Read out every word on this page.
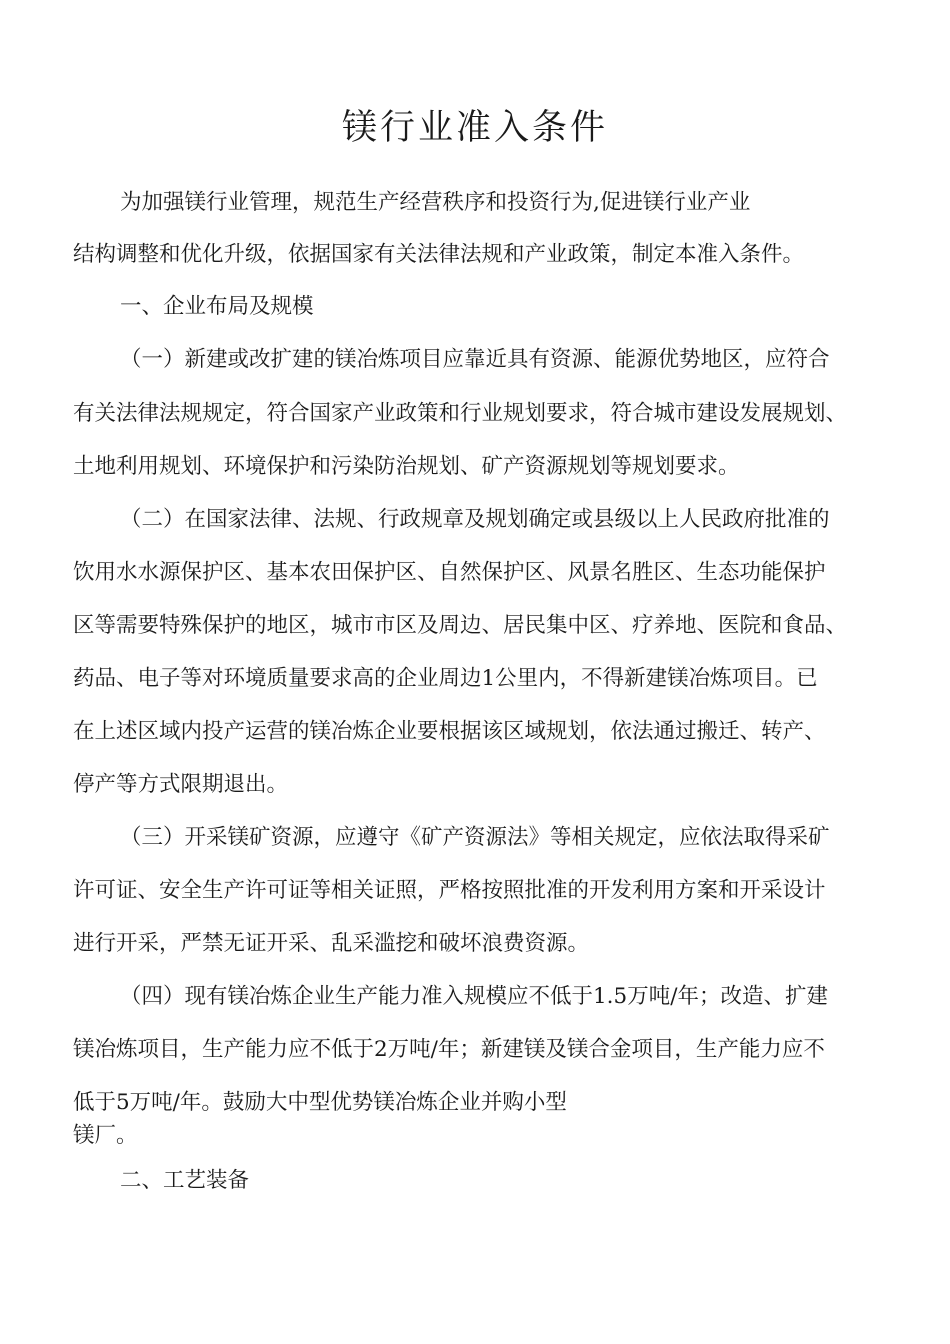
镁行业准入条件

为加强镁行业管理，规范生产经营秩序和投资行为,促进镁行业产业

结构调整和优化升级，依据国家有关法律法规和产业政策，制定本准入条件。

一、企业布局及规模

（一）新建或改扩建的镁冶炼项目应靠近具有资源、能源优势地区，应符合

有关法律法规规定，符合国家产业政策和行业规划要求，符合城市建设发展规划、

土地利用规划、环境保护和污染防治规划、矿产资源规划等规划要求。

（二）在国家法律、法规、行政规章及规划确定或县级以上人民政府批准的

饮用水水源保护区、基本农田保护区、自然保护区、风景名胜区、生态功能保护

区等需要特殊保护的地区，城市市区及周边、居民集中区、疗养地、医院和食品、

药品、电子等对环境质量要求高的企业周边1公里内，不得新建镁冶炼项目。已

在上述区域内投产运营的镁冶炼企业要根据该区域规划，依法通过搬迁、转产、

停产等方式限期退出。

（三）开采镁矿资源，应遵守《矿产资源法》等相关规定，应依法取得采矿

许可证、安全生产许可证等相关证照，严格按照批准的开发利用方案和开采设计

进行开采，严禁无证开采、乱采滥挖和破坏浪费资源。

（四）现有镁冶炼企业生产能力准入规模应不低于1.5万吨/年；改造、扩建

镁冶炼项目，生产能力应不低于2万吨/年；新建镁及镁合金项目，生产能力应不

低于5万吨/年。鼓励大中型优势镁冶炼企业并购小型

镁厂。

二、工艺装备
